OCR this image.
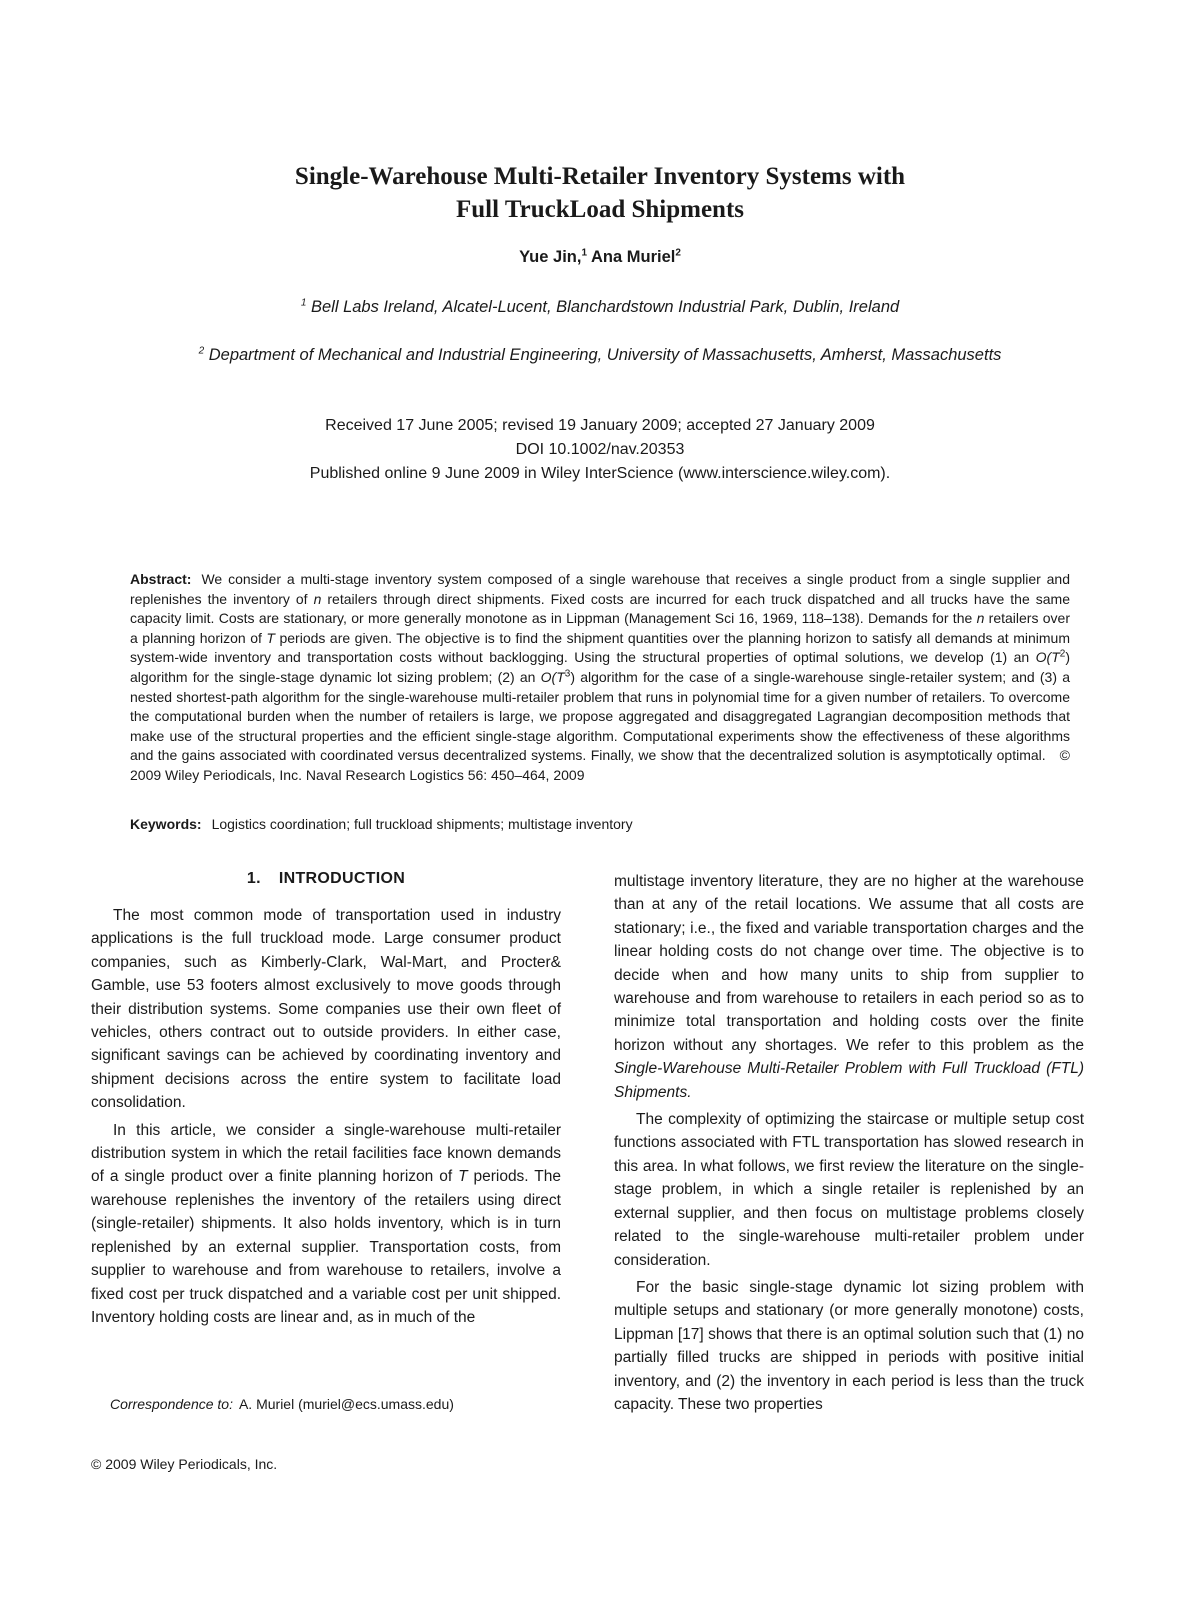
Single-Warehouse Multi-Retailer Inventory Systems with
Full TruckLoad Shipments
Yue Jin,$^1$ Ana Muriel$^2$
$^1$ Bell Labs Ireland, Alcatel-Lucent, Blanchardstown Industrial Park, Dublin, Ireland
$^2$ Department of Mechanical and Industrial Engineering, University of Massachusetts, Amherst, Massachusetts
Received 17 June 2005; revised 19 January 2009; accepted 27 January 2009
DOI 10.1002/nav.20353
Published online 9 June 2009 in Wiley InterScience (www.interscience.wiley.com).
Abstract: We consider a multi-stage inventory system composed of a single warehouse that receives a single product from a single supplier and replenishes the inventory of n retailers through direct shipments. Fixed costs are incurred for each truck dispatched and all trucks have the same capacity limit. Costs are stationary, or more generally monotone as in Lippman (Management Sci 16, 1969, 118–138). Demands for the n retailers over a planning horizon of T periods are given. The objective is to find the shipment quantities over the planning horizon to satisfy all demands at minimum system-wide inventory and transportation costs without backlogging. Using the structural properties of optimal solutions, we develop (1) an $O(T^2)$ algorithm for the single-stage dynamic lot sizing problem; (2) an $O(T^3)$ algorithm for the case of a single-warehouse single-retailer system; and (3) a nested shortest-path algorithm for the single-warehouse multi-retailer problem that runs in polynomial time for a given number of retailers. To overcome the computational burden when the number of retailers is large, we propose aggregated and disaggregated Lagrangian decomposition methods that make use of the structural properties and the efficient single-stage algorithm. Computational experiments show the effectiveness of these algorithms and the gains associated with coordinated versus decentralized systems. Finally, we show that the decentralized solution is asymptotically optimal. © 2009 Wiley Periodicals, Inc. Naval Research Logistics 56: 450–464, 2009
Keywords: Logistics coordination; full truckload shipments; multistage inventory
1. INTRODUCTION

The most common mode of transportation used in industry applications is the full truckload mode. Large consumer product companies, such as Kimberly-Clark, Wal-Mart, and Procter& Gamble, use 53 footers almost exclusively to move goods through their distribution systems. Some companies use their own fleet of vehicles, others contract out to outside providers. In either case, significant savings can be achieved by coordinating inventory and shipment decisions across the entire system to facilitate load consolidation.

In this article, we consider a single-warehouse multi-retailer distribution system in which the retail facilities face known demands of a single product over a finite planning horizon of T periods. The warehouse replenishes the inventory of the retailers using direct (single-retailer) shipments. It also holds inventory, which is in turn replenished by an external supplier. Transportation costs, from supplier to warehouse and from warehouse to retailers, involve a fixed cost per truck dispatched and a variable cost per unit shipped. Inventory holding costs are linear and, as in much of the

multistage inventory literature, they are no higher at the warehouse than at any of the retail locations. We assume that all costs are stationary; i.e., the fixed and variable transportation charges and the linear holding costs do not change over time. The objective is to decide when and how many units to ship from supplier to warehouse and from warehouse to retailers in each period so as to minimize total transportation and holding costs over the finite horizon without any shortages. We refer to this problem as the Single-Warehouse Multi-Retailer Problem with Full Truckload (FTL) Shipments.

The complexity of optimizing the staircase or multiple setup cost functions associated with FTL transportation has slowed research in this area. In what follows, we first review the literature on the single-stage problem, in which a single retailer is replenished by an external supplier, and then focus on multistage problems closely related to the single-warehouse multi-retailer problem under consideration.

For the basic single-stage dynamic lot sizing problem with multiple setups and stationary (or more generally monotone) costs, Lippman [17] shows that there is an optimal solution such that (1) no partially filled trucks are shipped in periods with positive initial inventory, and (2) the inventory in each period is less than the truck capacity. These two properties

Correspondence to: A. Muriel (muriel@ecs.umass.edu)
© 2009 Wiley Periodicals, Inc.
